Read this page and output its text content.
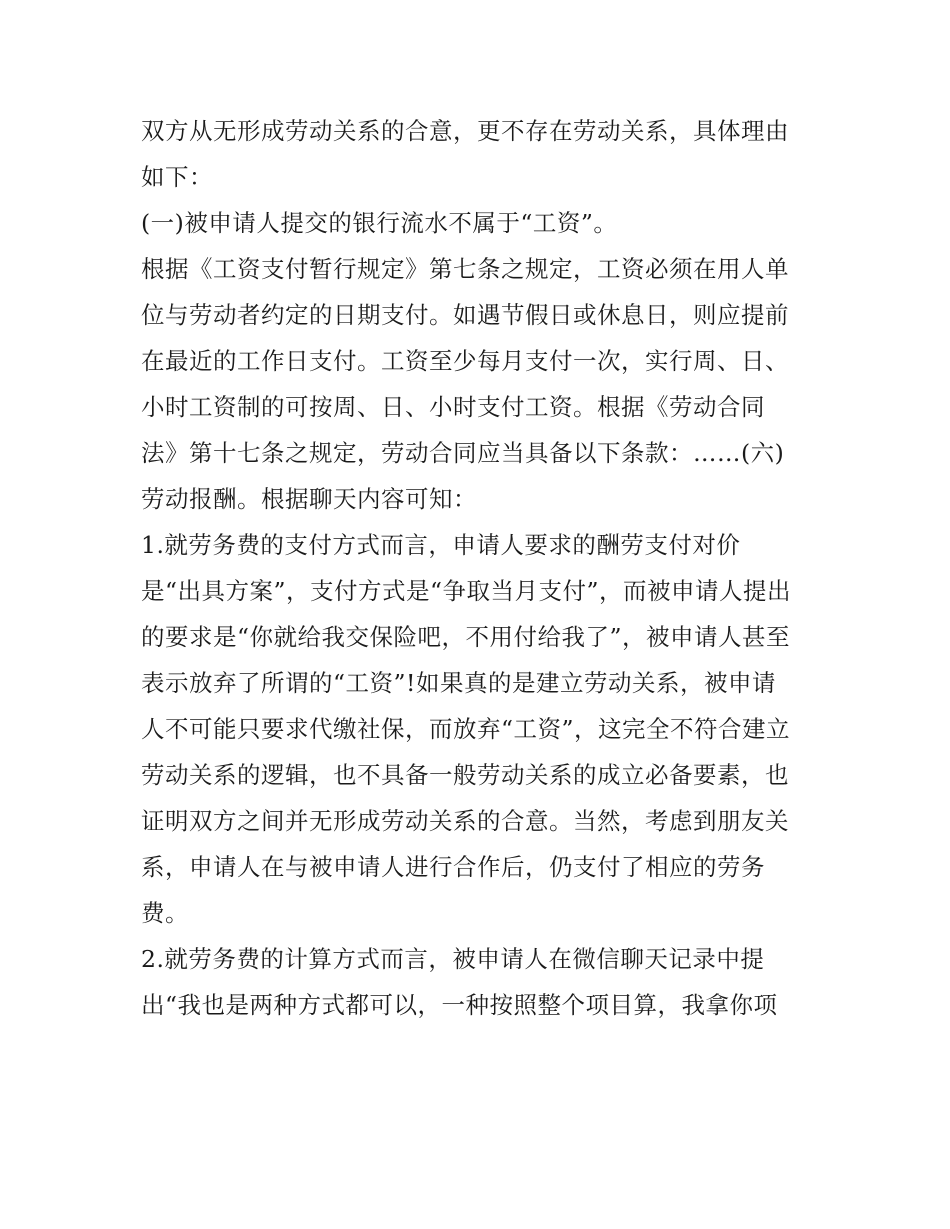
双方从无形成劳动关系的合意，更不存在劳动关系，具体理由
如下：
(一)被申请人提交的银行流水不属于“工资”。
根据《工资支付暂行规定》第七条之规定，工资必须在用人单
位与劳动者约定的日期支付。如遇节假日或休息日，则应提前
在最近的工作日支付。工资至少每月支付一次，实行周、日、
小时工资制的可按周、日、小时支付工资。根据《劳动合同
法》第十七条之规定，劳动合同应当具备以下条款：……(六)
劳动报酬。根据聊天内容可知：
1.就劳务费的支付方式而言，申请人要求的酬劳支付对价
是“出具方案”，支付方式是“争取当月支付”，而被申请人提出
的要求是“你就给我交保险吧，不用付给我了”，被申请人甚至
表示放弃了所谓的“工资”!如果真的是建立劳动关系，被申请
人不可能只要求代缴社保，而放弃“工资”，这完全不符合建立
劳动关系的逻辑，也不具备一般劳动关系的成立必备要素，也
证明双方之间并无形成劳动关系的合意。当然，考虑到朋友关
系，申请人在与被申请人进行合作后，仍支付了相应的劳务
费。
2.就劳务费的计算方式而言，被申请人在微信聊天记录中提
出“我也是两种方式都可以，一种按照整个项目算，我拿你项
